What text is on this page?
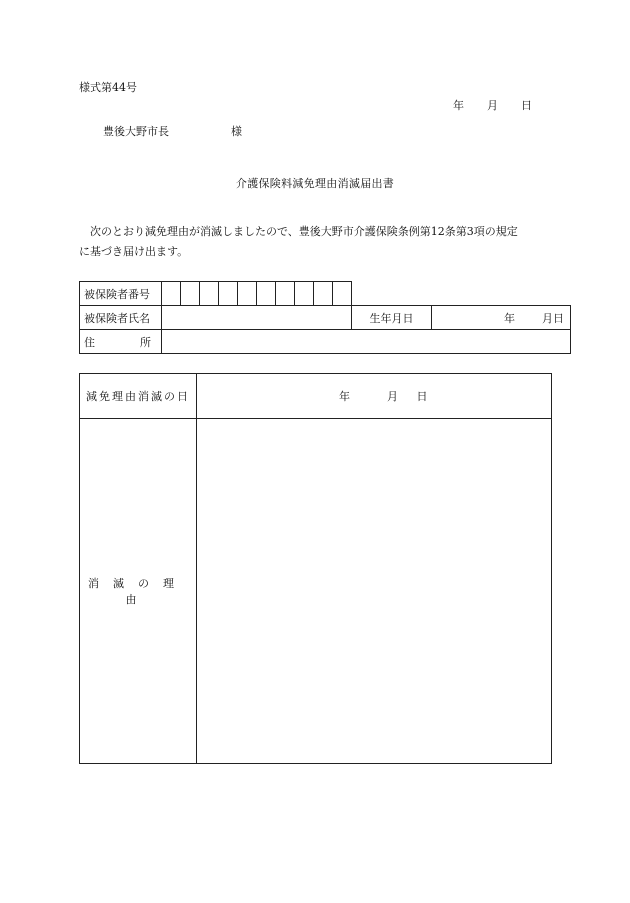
様式第44号
年 月 日
豊後大野市長	様
介護保険料減免理由消滅届出書

次のとおり減免理由が消滅しましたので、豊後大野市介護保険条例第12条第3項の規定

に基づき届け出ます。

被保険者番号												
被保険者氏名											生年月日	年 月日
住 所												
減免理由消滅の日	年 月 日
消滅の理由	
